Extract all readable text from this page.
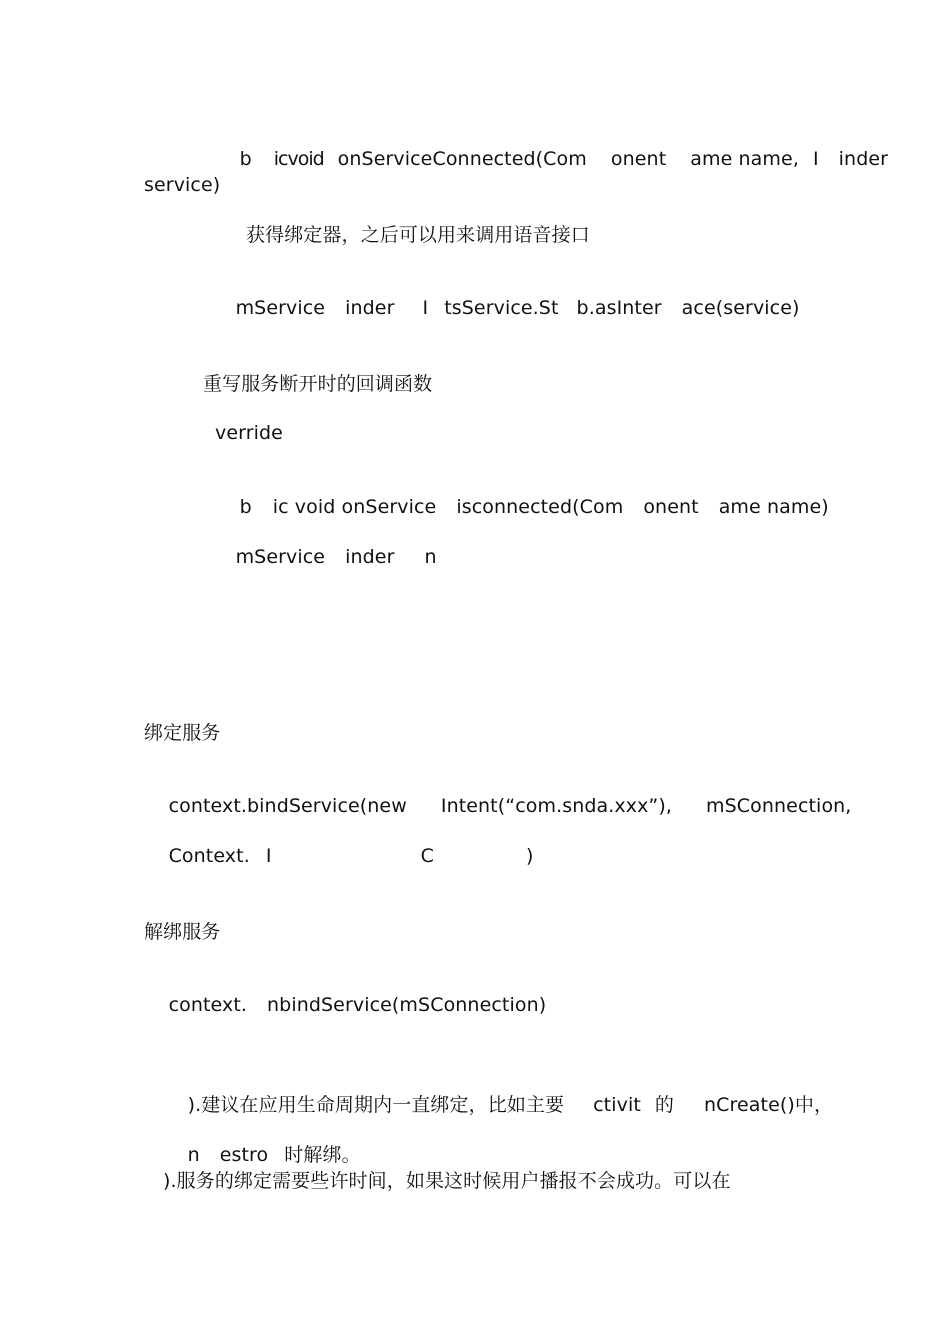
b icvoid onServiceConnected(Com onent ame name, I inder

service)
获得绑定器，之后可以用来调用语音接口

mService inder I tsService.St b.asInter ace(service)

重写服务断开时的回调函数
verride

b ic void onService isconnected(Com onent ame name)

mService inder n

绑定服务

context.bindService(new Intent(“com.snda.xxx”), mSConnection,

Context. I	C	)

解绑服务

context. nbindService(mSConnection)

).建议在应用生命周期内一直绑定，比如主要 ctivit 的 nCreate()中，

n estro 时解绑。

).服务的绑定需要些许时间，如果这时候用户播报不会成功。可以在
